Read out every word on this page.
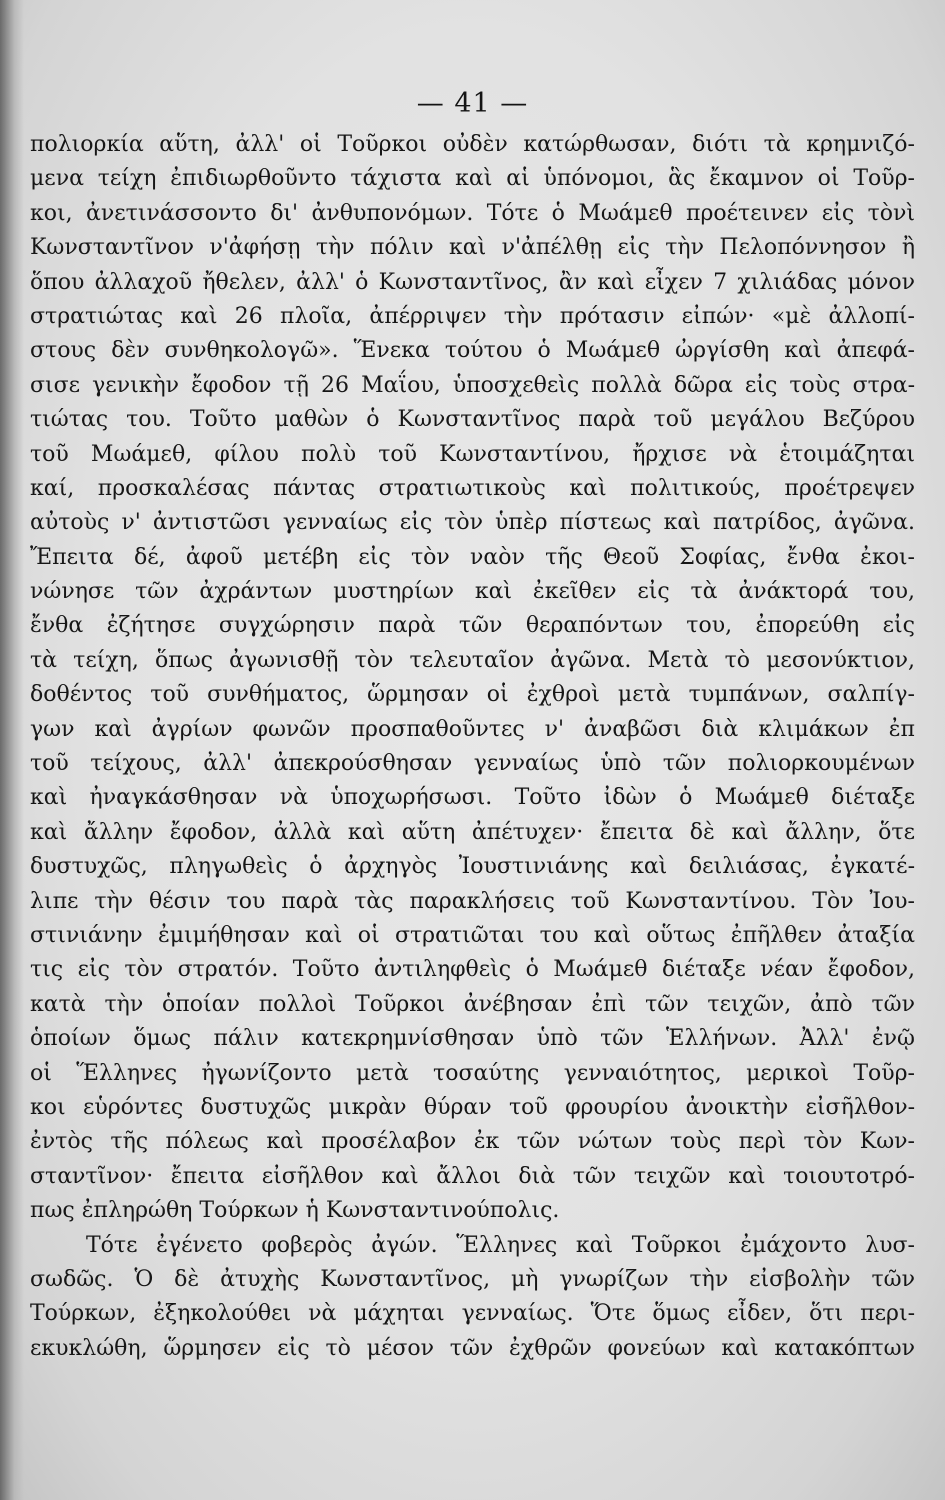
— 41 —
πολιορκία αὕτη, ἀλλ' οἱ Τοῦρκοι οὐδὲν κατώρθωσαν, διότι τὰ κρημνιζό-
μενα τείχη ἐπιδιωρθοῦντο τάχιστα καὶ αἱ ὑπόνομοι, ἃς ἔκαμνον οἱ Τοῦρ-
κοι, ἀνετινάσσοντο δι' ἀνθυπονόμων. Τότε ὁ Μωάμεθ προέτεινεν εἰς τὸνὶ
Κωνσταντῖνον ν'ἀφήσῃ τὴν πόλιν καὶ ν'ἀπέλθῃ εἰς τὴν Πελοπόννησον ἢ
ὅπου ἀλλαχοῦ ἤθελεν, ἀλλ' ὁ Κωνσταντῖνος, ἂν καὶ εἶχεν 7 χιλιάδας μόνον
στρατιώτας καὶ 26 πλοῖα, ἀπέρριψεν τὴν πρότασιν εἰπών· «μὲ ἀλλοπί-
στους δὲν συνθηκολογῶ». Ἕνεκα τούτου ὁ Μωάμεθ ὠργίσθη καὶ ἀπεφά-
σισε γενικὴν ἔφοδον τῇ 26 Μαΐου, ὑποσχεθεὶς πολλὰ δῶρα εἰς τοὺς στρα-
τιώτας του. Τοῦτο μαθὼν ὁ Κωνσταντῖνος παρὰ τοῦ μεγάλου Βεζύρου
τοῦ Μωάμεθ, φίλου πολὺ τοῦ Κωνσταντίνου, ἤρχισε νὰ ἑτοιμάζηται
καί, προσκαλέσας πάντας στρατιωτικοὺς καὶ πολιτικούς, προέτρεψεν
αὐτοὺς ν' ἀντιστῶσι γενναίως εἰς τὸν ὑπὲρ πίστεως καὶ πατρίδος, ἀγῶνα.
Ἔπειτα δέ, ἀφοῦ μετέβη εἰς τὸν ναὸν τῆς Θεοῦ Σοφίας, ἔνθα ἐκοι-
νώνησε τῶν ἀχράντων μυστηρίων καὶ ἐκεῖθεν εἰς τὰ ἀνάκτορά του,
ἔνθα ἐζήτησε συγχώρησιν παρὰ τῶν θεραπόντων του, ἐπορεύθη εἰς
τὰ τείχη, ὅπως ἀγωνισθῇ τὸν τελευταῖον ἀγῶνα. Μετὰ τὸ μεσονύκτιον,
δοθέντος τοῦ συνθήματος, ὥρμησαν οἱ ἐχθροὶ μετὰ τυμπάνων, σαλπίγ-
γων καὶ ἀγρίων φωνῶν προσπαθοῦντες ν' ἀναβῶσι διὰ κλιμάκων ἐπ
τοῦ τείχους, ἀλλ' ἀπεκρούσθησαν γενναίως ὑπὸ τῶν πολιορκουμένων
καὶ ἠναγκάσθησαν νὰ ὑποχωρήσωσι. Τοῦτο ἰδὼν ὁ Μωάμεθ διέταξε
καὶ ἄλλην ἔφοδον, ἀλλὰ καὶ αὕτη ἀπέτυχεν· ἔπειτα δὲ καὶ ἄλλην, ὅτε
δυστυχῶς, πληγωθεὶς ὁ ἀρχηγὸς Ἰουστινιάνης καὶ δειλιάσας, ἐγκατέ-
λιπε τὴν θέσιν του παρὰ τὰς παρακλήσεις τοῦ Κωνσταντίνου. Τὸν Ἰου-
στινιάνην ἐμιμήθησαν καὶ οἱ στρατιῶται του καὶ οὕτως ἐπῆλθεν ἀταξία
τις εἰς τὸν στρατόν. Τοῦτο ἀντιληφθεὶς ὁ Μωάμεθ διέταξε νέαν ἔφοδον,
κατὰ τὴν ὁποίαν πολλοὶ Τοῦρκοι ἀνέβησαν ἐπὶ τῶν τειχῶν, ἀπὸ τῶν
ὁποίων ὅμως πάλιν κατεκρημνίσθησαν ὑπὸ τῶν Ἑλλήνων. Ἀλλ' ἐνῷ
οἱ Ἕλληνες ἠγωνίζοντο μετὰ τοσαύτης γενναιότητος, μερικοὶ Τοῦρ-
κοι εὑρόντες δυστυχῶς μικρὰν θύραν τοῦ φρουρίου ἀνοικτὴν εἰσῆλθον-
ἐντὸς τῆς πόλεως καὶ προσέλαβον ἐκ τῶν νώτων τοὺς περὶ τὸν Κων-
σταντῖνον· ἔπειτα εἰσῆλθον καὶ ἄλλοι διὰ τῶν τειχῶν καὶ τοιουτοτρό-
πως ἐπληρώθη Τούρκων ἡ Κωνσταντινούπολις.
Τότε ἐγένετο φοβερὸς ἀγών. Ἕλληνες καὶ Τοῦρκοι ἐμάχοντο λυσ-
σωδῶς. Ὁ δὲ ἀτυχὴς Κωνσταντῖνος, μὴ γνωρίζων τὴν εἰσβολὴν τῶν
Τούρκων, ἐξηκολούθει νὰ μάχηται γενναίως. Ὅτε ὅμως εἶδεν, ὅτι περι-
εκυκλώθη, ὥρμησεν εἰς τὸ μέσον τῶν ἐχθρῶν φονεύων καὶ κατακόπτων
